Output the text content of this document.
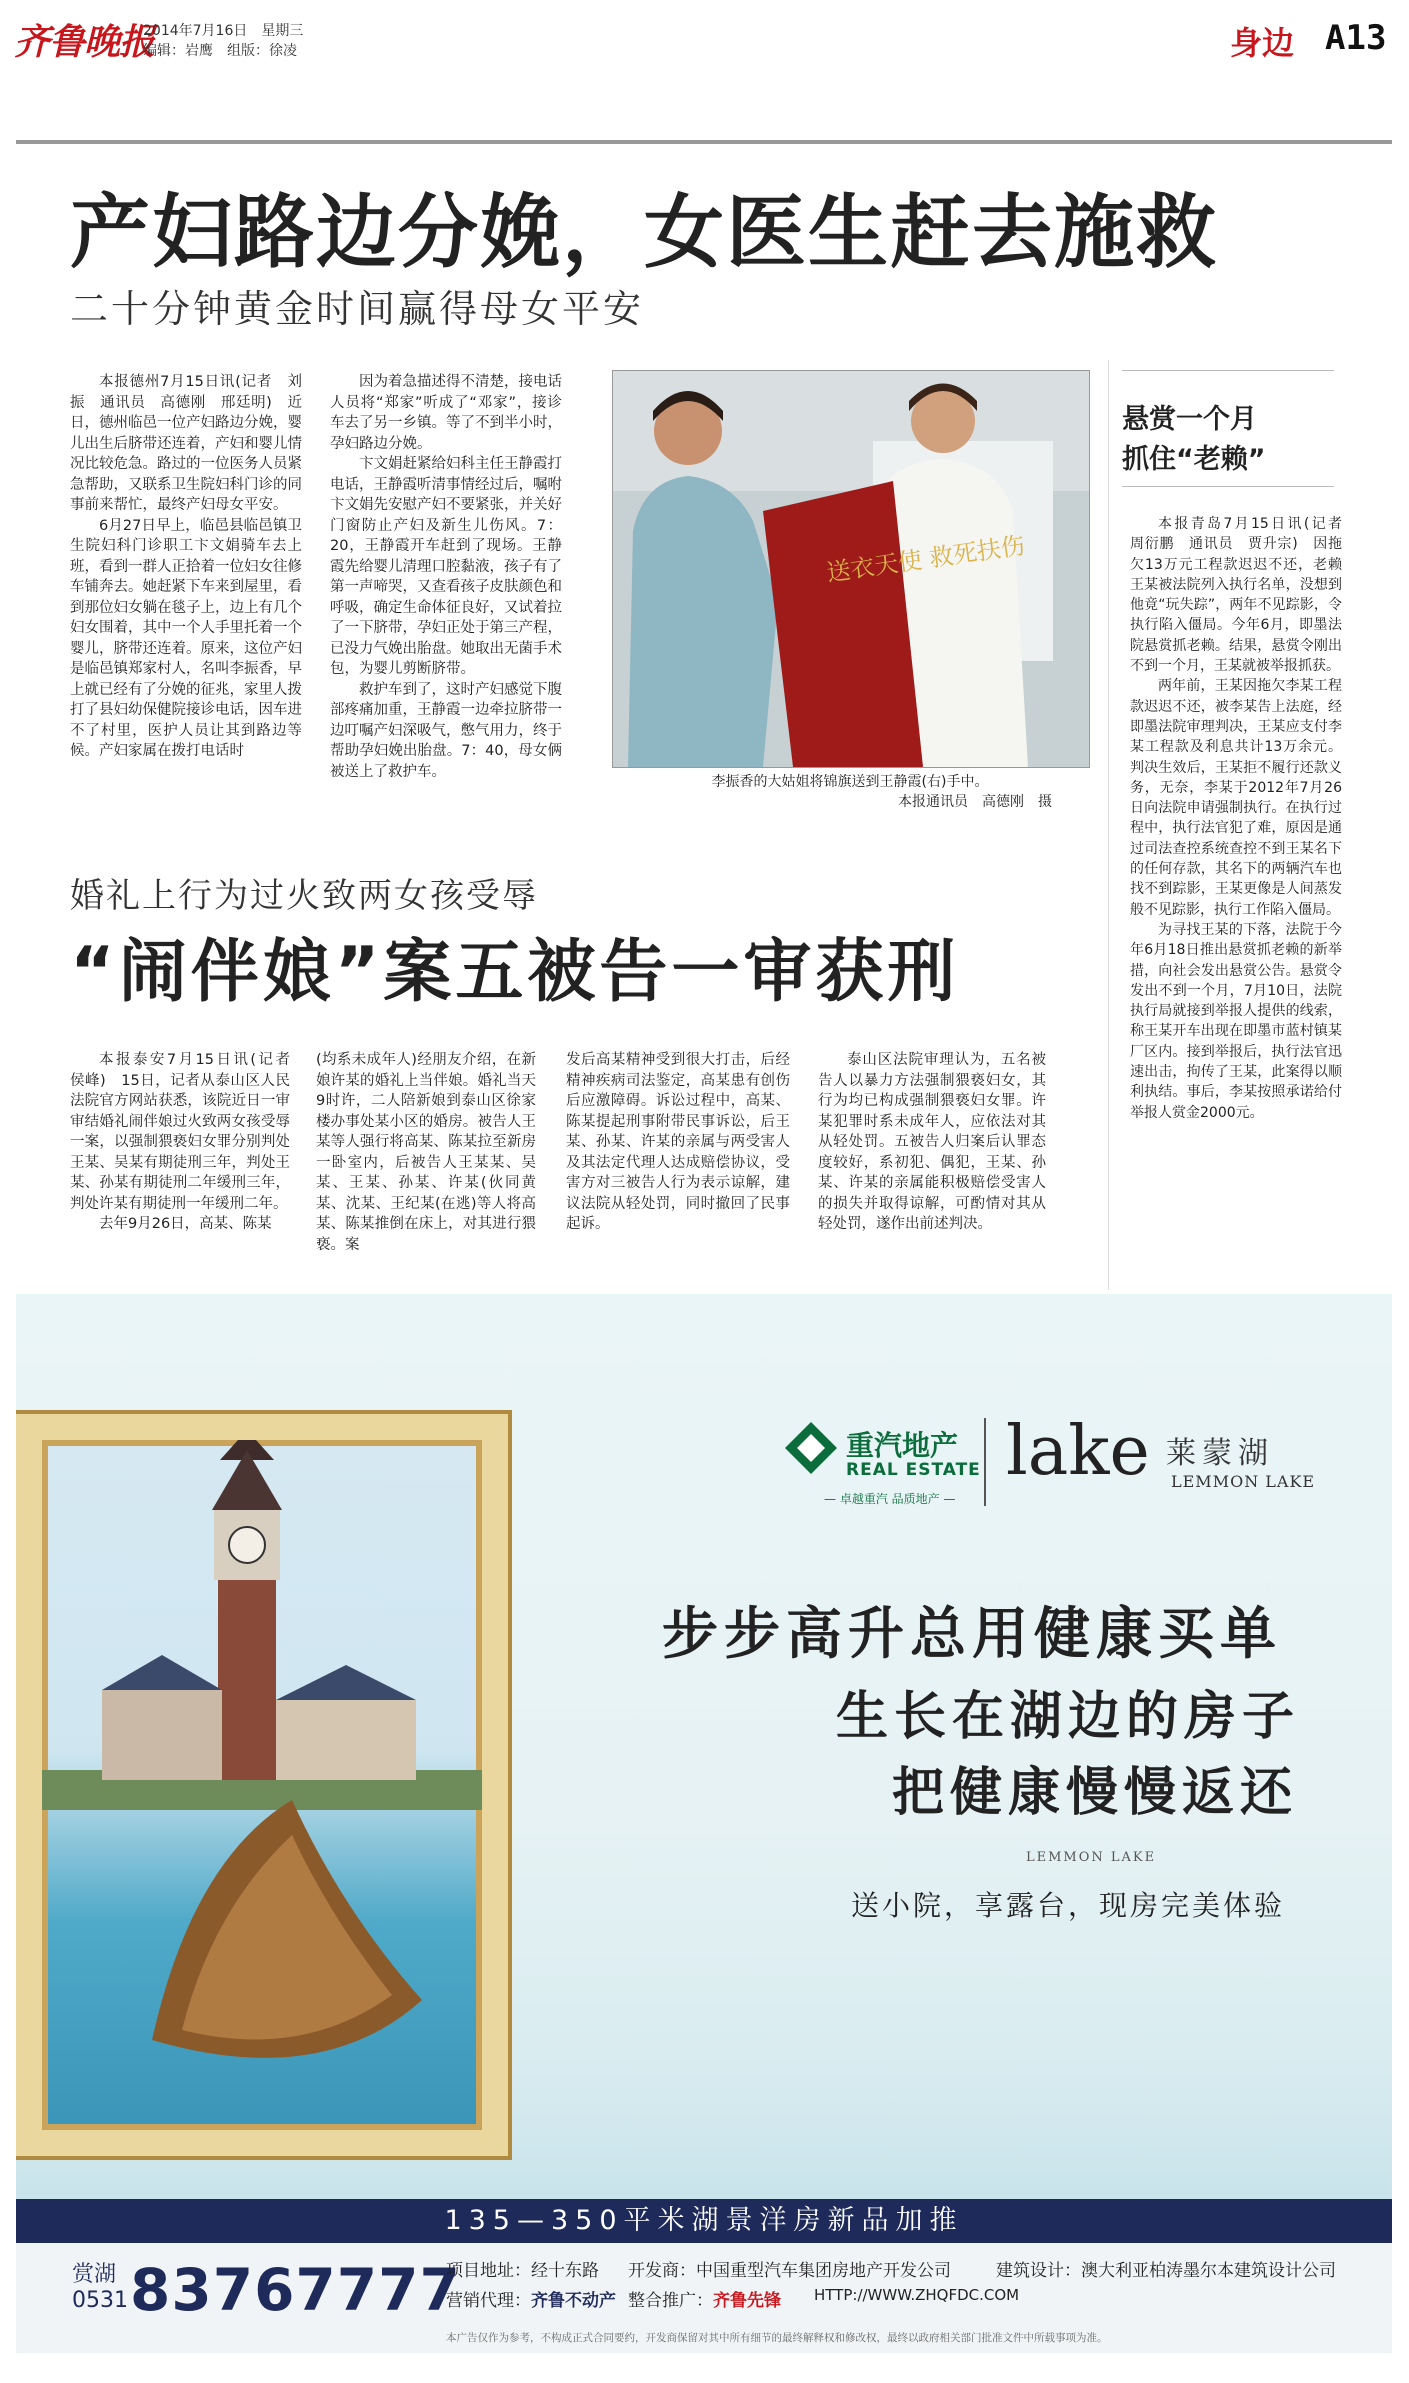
齐鲁晚报
2014年7月16日　星期三
编辑：岩鹰　组版：徐凌	身边 A13
产妇路边分娩，女医生赶去施救
二十分钟黄金时间赢得母女平安

本报德州7月15日讯(记者　刘振　通讯员　高德刚　邢廷明)　近日，德州临邑一位产妇路边分娩，婴儿出生后脐带还连着，产妇和婴儿情况比较危急。路过的一位医务人员紧急帮助，又联系卫生院妇科门诊的同事前来帮忙，最终产妇母女平安。

6月27日早上，临邑县临邑镇卫生院妇科门诊职工卞文娟骑车去上班，看到一群人正拾着一位妇女往修车铺奔去。她赶紧下车来到屋里，看到那位妇女躺在毯子上，边上有几个妇女围着，其中一个人手里托着一个婴儿，脐带还连着。原来，这位产妇是临邑镇郑家村人，名叫李振香，早上就已经有了分娩的征兆，家里人拨打了县妇幼保健院接诊电话，因车进不了村里，医护人员让其到路边等候。产妇家属在拨打电话时

因为着急描述得不清楚，接电话人员将“郑家”听成了“邓家”，接诊车去了另一乡镇。等了不到半小时，孕妇路边分娩。

卞文娟赶紧给妇科主任王静霞打电话，王静霞听清事情经过后，嘱咐卞文娟先安慰产妇不要紧张，并关好门窗防止产妇及新生儿伤风。7：20，王静霞开车赶到了现场。王静霞先给婴儿清理口腔黏液，孩子有了第一声啼哭，又查看孩子皮肤颜色和呼吸，确定生命体征良好，又试着拉了一下脐带，孕妇正处于第三产程，已没力气娩出胎盘。她取出无菌手术包，为婴儿剪断脐带。

救护车到了，这时产妇感觉下腹部疼痛加重，王静霞一边牵拉脐带一边叮嘱产妇深吸气，憋气用力，终于帮助孕妇娩出胎盘。7：40，母女俩被送上了救护车。

送衣天使 救死扶伤
李振香的大姑姐将锦旗送到王静霞(右)手中。
本报通讯员　高德刚　摄
悬赏一个月
抓住“老赖”

本报青岛7月15日讯(记者　周衍鹏　通讯员　贾升宗)　因拖欠13万元工程款迟迟不还，老赖王某被法院列入执行名单，没想到他竟“玩失踪”，两年不见踪影，令执行陷入僵局。今年6月，即墨法院悬赏抓老赖。结果，悬赏令刚出不到一个月，王某就被举报抓获。

两年前，王某因拖欠李某工程款迟迟不还，被李某告上法庭，经即墨法院审理判决，王某应支付李某工程款及利息共计13万余元。判决生效后，王某拒不履行还款义务，无奈，李某于2012年7月26日向法院申请强制执行。在执行过程中，执行法官犯了难，原因是通过司法查控系统查控不到王某名下的任何存款，其名下的两辆汽车也找不到踪影，王某更像是人间蒸发般不见踪影，执行工作陷入僵局。

为寻找王某的下落，法院于今年6月18日推出悬赏抓老赖的新举措，向社会发出悬赏公告。悬赏令发出不到一个月，7月10日，法院执行局就接到举报人提供的线索，称王某开车出现在即墨市蓝村镇某厂区内。接到举报后，执行法官迅速出击，拘传了王某，此案得以顺利执结。事后，李某按照承诺给付举报人赏金2000元。

婚礼上行为过火致两女孩受辱
“闹伴娘”案五被告一审获刑

本报泰安7月15日讯(记者　侯峰)　15日，记者从泰山区人民法院官方网站获悉，该院近日一审审结婚礼闹伴娘过火致两女孩受辱一案，以强制猥亵妇女罪分别判处王某、吴某有期徒刑三年，判处王某、孙某有期徒刑二年缓刑三年，判处许某有期徒刑一年缓刑二年。

去年9月26日，高某、陈某

(均系未成年人)经朋友介绍，在新娘许某的婚礼上当伴娘。婚礼当天9时许，二人陪新娘到泰山区徐家楼办事处某小区的婚房。被告人王某等人强行将高某、陈某拉至新房一卧室内，后被告人王某某、吴某、王某、孙某、许某(伙同黄某、沈某、王纪某(在逃)等人将高某、陈某推倒在床上，对其进行猥亵。案

发后高某精神受到很大打击，后经精神疾病司法鉴定，高某患有创伤后应激障碍。诉讼过程中，高某、陈某提起刑事附带民事诉讼，后王某、孙某、许某的亲属与两受害人及其法定代理人达成赔偿协议，受害方对三被告人行为表示谅解，建议法院从轻处罚，同时撤回了民事起诉。

泰山区法院审理认为，五名被告人以暴力方法强制猥亵妇女，其行为均已构成强制猥亵妇女罪。许某犯罪时系未成年人，应依法对其从轻处罚。五被告人归案后认罪态度较好，系初犯、偶犯，王某、孙某、许某的亲属能积极赔偿受害人的损失并取得谅解，可酌情对其从轻处罚，遂作出前述判决。

重汽地产
REAL ESTATE
— 卓越重汽 品质地产 —
lake 莱蒙湖
LEMMON LAKE
步步高升总用健康买单
生长在湖边的房子
把健康慢慢返还
LEMMON LAKE
送小院，享露台，现房完美体验
135—350平米湖景洋房新品加推
赏湖
0531 83767777
项目地址：经十东路 开发商：中国重型汽车集团房地产开发公司	建筑设计：澳大利亚柏涛墨尔本建筑设计公司
营销代理：齐鲁不动产 整合推广：齐鲁先锋 HTTP://WWW.ZHQFDC.COM
本广告仅作为参考，不构成正式合同要约，开发商保留对其中所有细节的最终解释权和修改权，最终以政府相关部门批准文件中所载事项为准。
